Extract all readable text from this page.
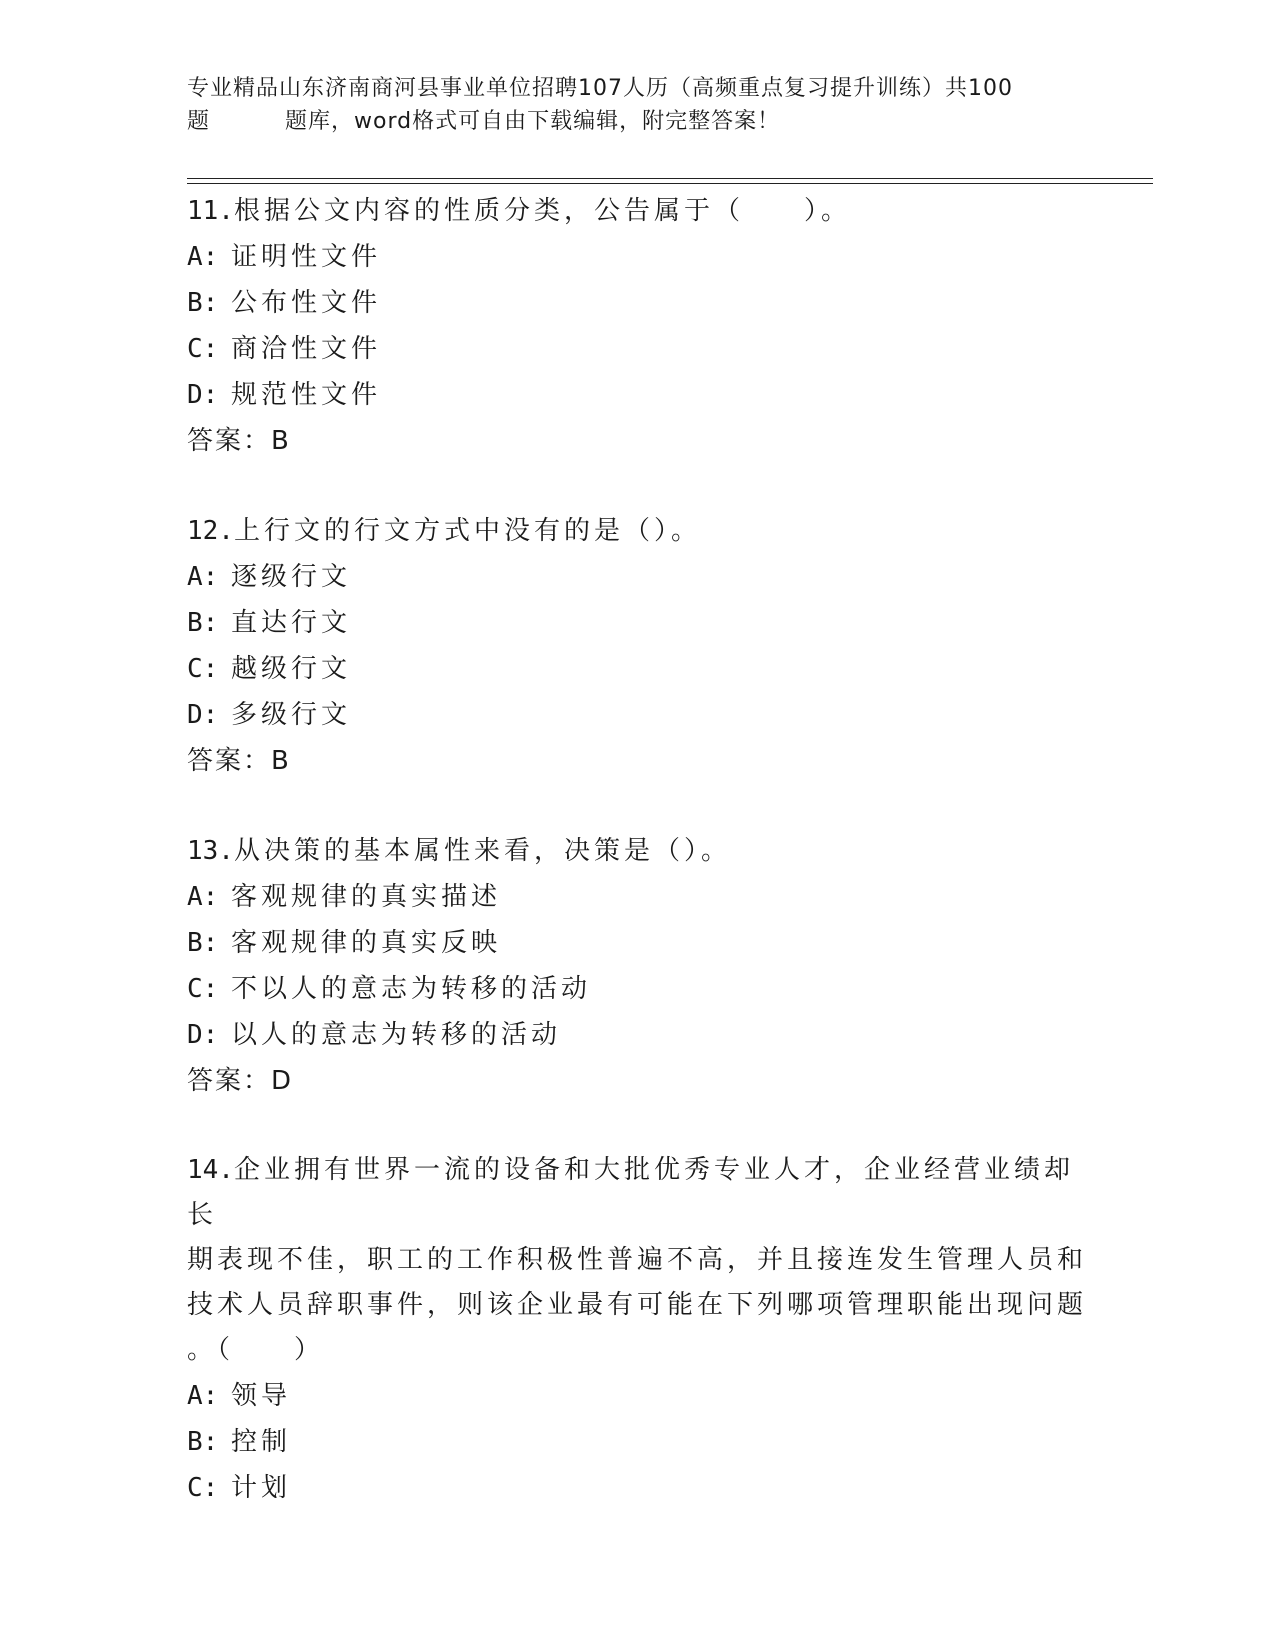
专业精品山东济南商河县事业单位招聘107人历（高频重点复习提升训练）共100
题	题库，word格式可自由下载编辑，附完整答案！

11.根据公文内容的性质分类，公告属于（　　）。

A: 证明性文件

B: 公布性文件

C: 商洽性文件

D: 规范性文件

答案：B

12.上行文的行文方式中没有的是（）。

A: 逐级行文

B: 直达行文

C: 越级行文

D: 多级行文

答案：B

13.从决策的基本属性来看，决策是（）。

A: 客观规律的真实描述

B: 客观规律的真实反映

C: 不以人的意志为转移的活动

D: 以人的意志为转移的活动

答案：D

14.企业拥有世界一流的设备和大批优秀专业人才，企业经营业绩却长

期表现不佳，职工的工作积极性普遍不高，并且接连发生管理人员和

技术人员辞职事件，则该企业最有可能在下列哪项管理职能出现问题

。（　　）

A: 领导

B: 控制

C: 计划
